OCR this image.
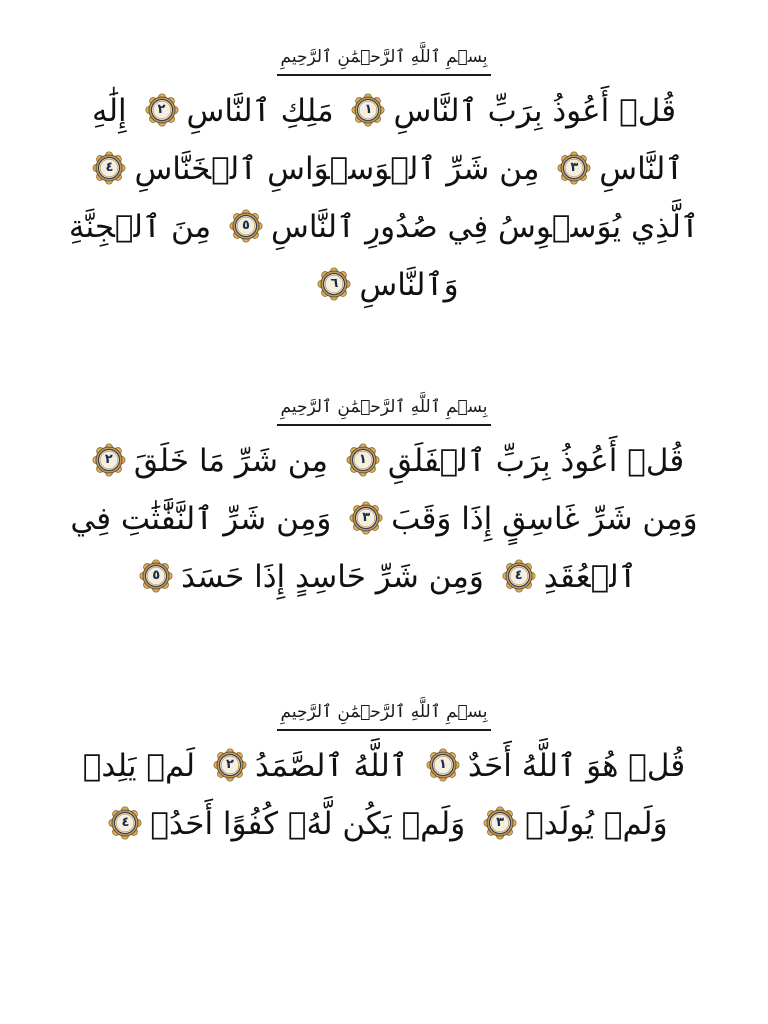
بِسۡمِ ٱللَّهِ ٱلرَّحۡمَٰنِ ٱلرَّحِيمِ
قُلۡ أَعُوذُ بِرَبِّ ٱلنَّاسِ
١
مَلِكِ ٱلنَّاسِ
٢
إِلَٰهِ ٱلنَّاسِ
٣
مِن شَرِّ ٱلۡوَسۡوَاسِ ٱلۡخَنَّاسِ
٤
ٱلَّذِي يُوَسۡوِسُ فِي صُدُورِ ٱلنَّاسِ
٥
مِنَ ٱلۡجِنَّةِ وَٱلنَّاسِ
٦
بِسۡمِ ٱللَّهِ ٱلرَّحۡمَٰنِ ٱلرَّحِيمِ
قُلۡ أَعُوذُ بِرَبِّ ٱلۡفَلَقِ
١
مِن شَرِّ مَا خَلَقَ
٢
وَمِن شَرِّ غَاسِقٍ إِذَا وَقَبَ
٣
وَمِن شَرِّ ٱلنَّفَّٰثَٰتِ فِي ٱلۡعُقَدِ
٤
وَمِن شَرِّ حَاسِدٍ إِذَا حَسَدَ
٥
بِسۡمِ ٱللَّهِ ٱلرَّحۡمَٰنِ ٱلرَّحِيمِ
قُلۡ هُوَ ٱللَّهُ أَحَدٌ
١
ٱللَّهُ ٱلصَّمَدُ
٢
لَمۡ يَلِدۡ وَلَمۡ يُولَدۡ
٣
وَلَمۡ يَكُن لَّهُۥ كُفُوًا أَحَدُۢ
٤
